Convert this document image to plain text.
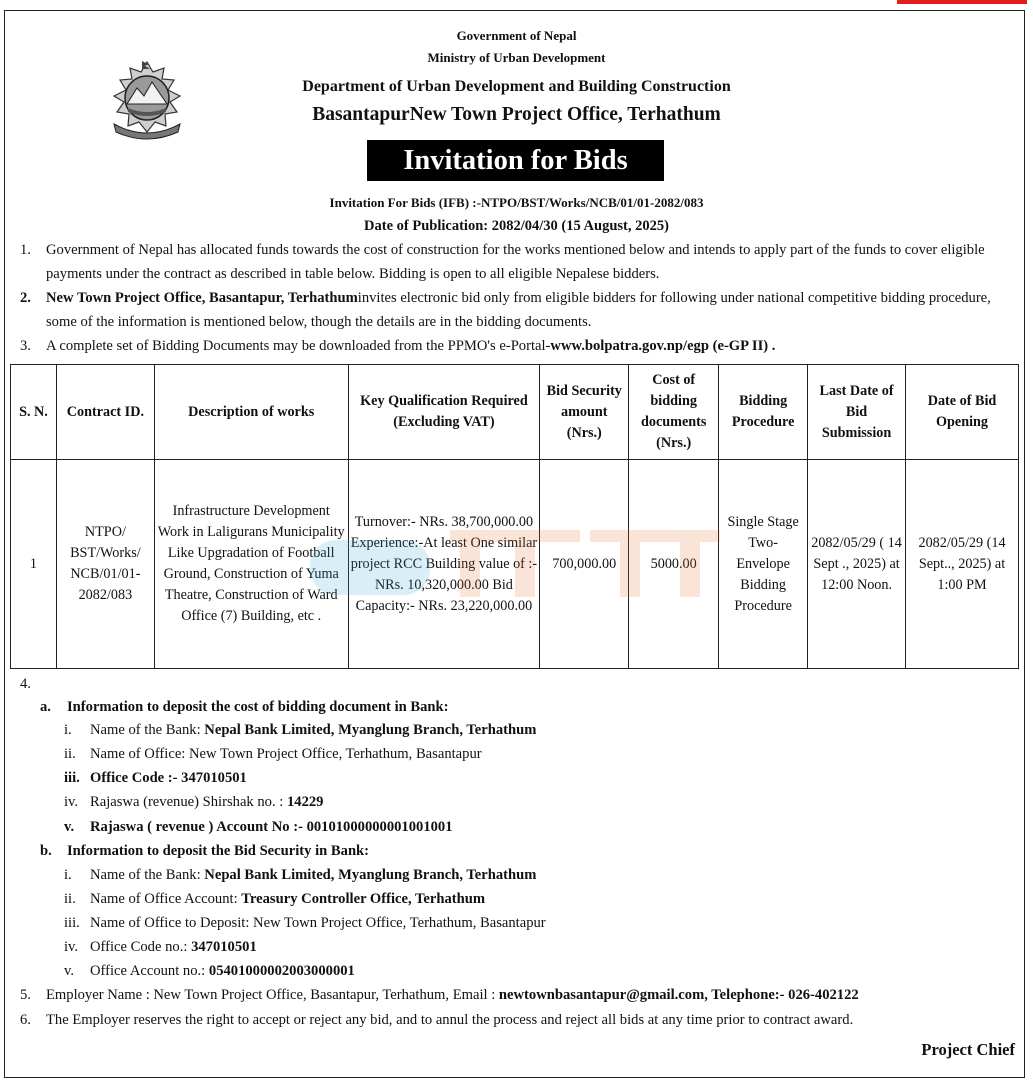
Government of Nepal
Ministry of Urban Development
Department of Urban Development and Building Construction
BasantapurNew Town Project Office, Terhathum
Invitation for Bids
Invitation For Bids (IFB) :-NTPO/BST/Works/NCB/01/01-2082/083
Date of Publication: 2082/04/30 (15 August, 2025)
1. Government of Nepal has allocated funds towards the cost of construction for the works mentioned below and intends to apply part of the funds to cover eligible payments under the contract as described in table below. Bidding is open to all eligible Nepalese bidders.
2. New Town Project Office, Basantapur, Terhathuminvites electronic bid only from eligible bidders for following under national competitive bidding procedure, some of the information is mentioned below, though the details are in the bidding documents.
3. A complete set of Bidding Documents may be downloaded from the PPMO's e-Portal-www.bolpatra.gov.np/egp (e-GP II) .
S. N.	Contract ID.	Description of works	Key Qualification Required (Excluding VAT)	Bid Security amount (Nrs.)	Cost of bidding documents (Nrs.)	Bidding Procedure	Last Date of Bid Submission	Date of Bid Opening
1	NTPO/ BST/Works/ NCB/01/01- 2082/083	Infrastructure Development Work in Laligurans Municipality Like Upgradation of Football Ground, Construction of Yuma Theatre, Construction of Ward Office (7) Building, etc .	Turnover:- NRs. 38,700,000.00 Experience:-At least One similar project RCC Building value of :- NRs. 10,320,000.00 Bid Capacity:- NRs. 23,220,000.00	700,000.00	5000.00	Single Stage Two- Envelope Bidding Procedure	2082/05/29 ( 14 Sept ., 2025) at 12:00 Noon.	2082/05/29 (14 Sept.., 2025) at 1:00 PM
4.
a. Information to deposit the cost of bidding document in Bank:
i. Name of the Bank: Nepal Bank Limited, Myanglung Branch, Terhathum
ii. Name of Office: New Town Project Office, Terhathum, Basantapur
iii. Office Code :- 347010501
iv. Rajaswa (revenue) Shirshak no. : 14229
v. Rajaswa ( revenue ) Account No :- 00101000000001001001
b. Information to deposit the Bid Security in Bank:
i. Name of the Bank: Nepal Bank Limited, Myanglung Branch, Terhathum
ii. Name of Office Account: Treasury Controller Office, Terhathum
iii. Name of Office to Deposit: New Town Project Office, Terhathum, Basantapur
iv. Office Code no.: 347010501
v. Office Account no.: 05401000002003000001
5. Employer Name : New Town Project Office, Basantapur, Terhathum, Email : newtownbasantapur@gmail.com, Telephone:- 026-402122
6. The Employer reserves the right to accept or reject any bid, and to annul the process and reject all bids at any time prior to contract award.
Project Chief
